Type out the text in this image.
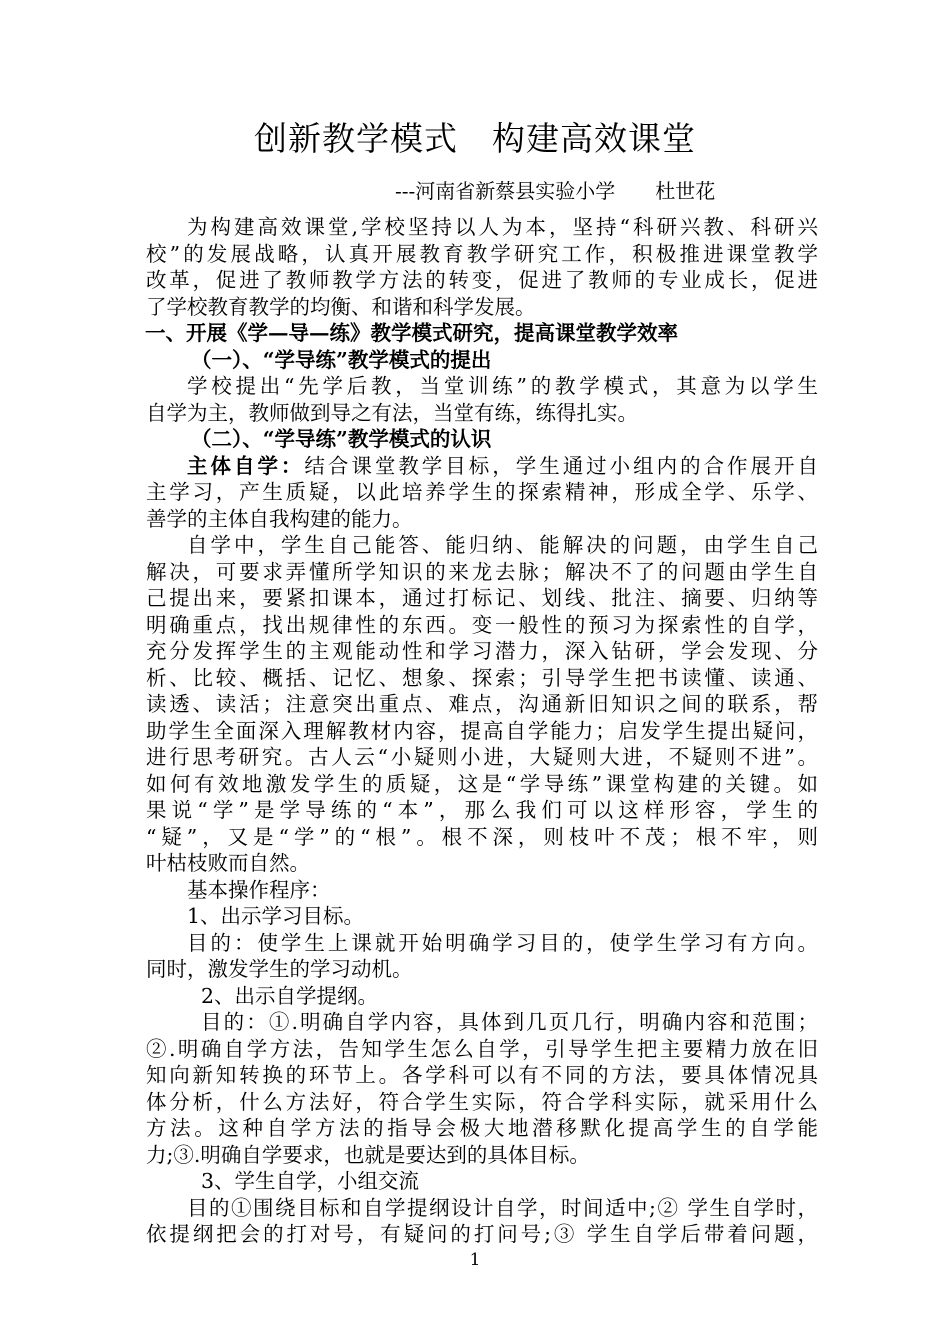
创新教学模式　构建高效课堂
---河南省新蔡县实验小学　　杜世花
为构建高效课堂,学校坚持以人为本，坚持“科研兴教、科研兴
校”的发展战略，认真开展教育教学研究工作，积极推进课堂教学
改革，促进了教师教学方法的转变，促进了教师的专业成长，促进
了学校教育教学的均衡、和谐和科学发展。
一、开展《学—导—练》教学模式研究，提高课堂教学效率
（一）、“学导练”教学模式的提出
学校提出“先学后教，当堂训练”的教学模式，其意为以学生
自学为主，教师做到导之有法，当堂有练，练得扎实。
（二）、“学导练”教学模式的认识
主体自学：结合课堂教学目标，学生通过小组内的合作展开自
主学习，产生质疑，以此培养学生的探索精神，形成全学、乐学、
善学的主体自我构建的能力。
自学中，学生自己能答、能归纳、能解决的问题，由学生自己
解决，可要求弄懂所学知识的来龙去脉；解决不了的问题由学生自
己提出来，要紧扣课本，通过打标记、划线、批注、摘要、归纳等
明确重点，找出规律性的东西。变一般性的预习为探索性的自学，
充分发挥学生的主观能动性和学习潜力，深入钻研，学会发现、分
析、比较、概括、记忆、想象、探索；引导学生把书读懂、读通、
读透、读活；注意突出重点、难点，沟通新旧知识之间的联系，帮
助学生全面深入理解教材内容，提高自学能力；启发学生提出疑问，
进行思考研究。古人云“小疑则小进，大疑则大进，不疑则不进”。
如何有效地激发学生的质疑，这是“学导练”课堂构建的关键。如
果说“学”是学导练的“本”，那么我们可以这样形容，学生的
“疑”，又是“学”的“根”。根不深，则枝叶不茂；根不牢，则
叶枯枝败而自然。
基本操作程序：
1、出示学习目标。
目的：使学生上课就开始明确学习目的，使学生学习有方向。
同时，激发学生的学习动机。
2、出示自学提纲。
目的：①.明确自学内容，具体到几页几行，明确内容和范围；
②.明确自学方法，告知学生怎么自学，引导学生把主要精力放在旧
知向新知转换的环节上。各学科可以有不同的方法，要具体情况具
体分析，什么方法好，符合学生实际，符合学科实际，就采用什么
方法。这种自学方法的指导会极大地潜移默化提高学生的自学能
力;③.明确自学要求，也就是要达到的具体目标。
3、学生自学，小组交流
目的①围绕目标和自学提纲设计自学，时间适中;② 学生自学时，
依提纲把会的打对号，有疑问的打问号;③ 学生自学后带着问题，
1
